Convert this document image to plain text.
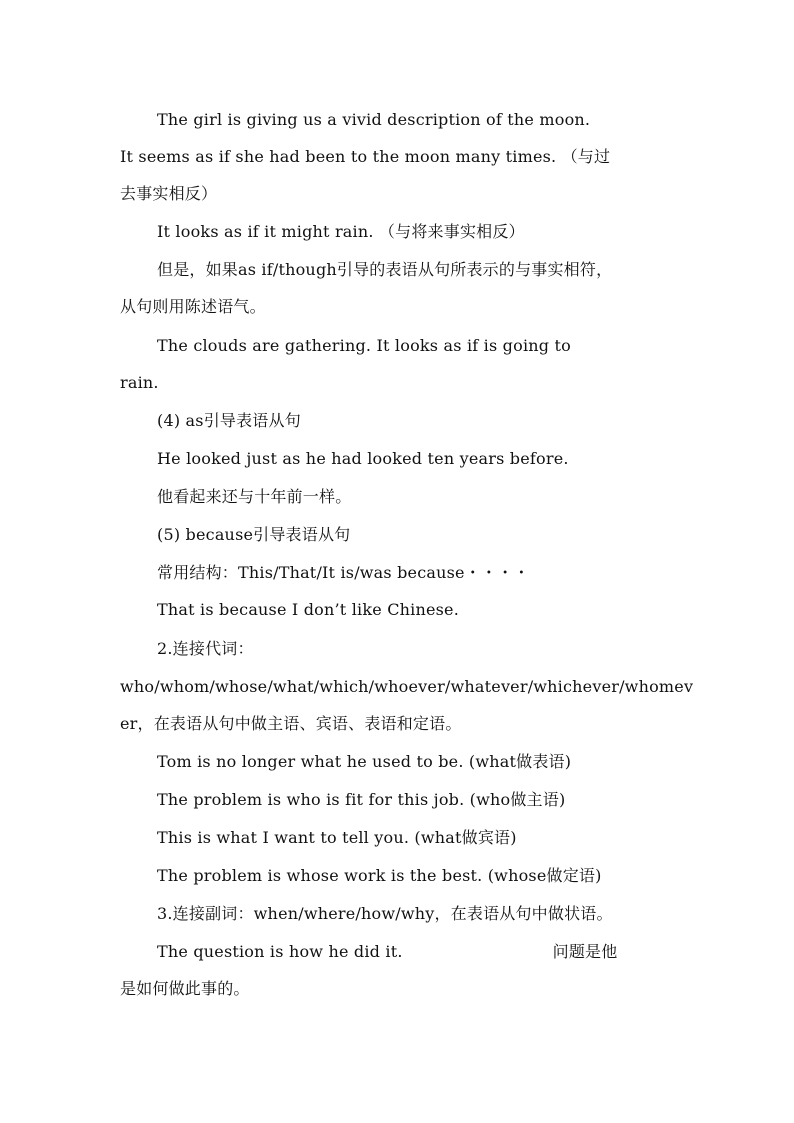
The girl is giving us a vivid description of the moon.
It seems as if she had been to the moon many times. （与过
去事实相反）
It looks as if it might rain. （与将来事实相反）
但是，如果as if/though引导的表语从句所表示的与事实相符，
从句则用陈述语气。
The clouds are gathering. It looks as if is going to
rain.
(4) as引导表语从句
He looked just as he had looked ten years before.
他看起来还与十年前一样。
(5) because引导表语从句
常用结构：This/That/It is/was because・・・・
That is because I don’t like Chinese.
2.连接代词：
who/whom/whose/what/which/whoever/whatever/whichever/whomev
er，在表语从句中做主语、宾语、表语和定语。
Tom is no longer what he used to be. (what做表语)
The problem is who is fit for this job. (who做主语)
This is what I want to tell you. (what做宾语)
The problem is whose work is the best. (whose做定语)
3.连接副词：when/where/how/why，在表语从句中做状语。
The question is how he did it.	问题是他
是如何做此事的。
